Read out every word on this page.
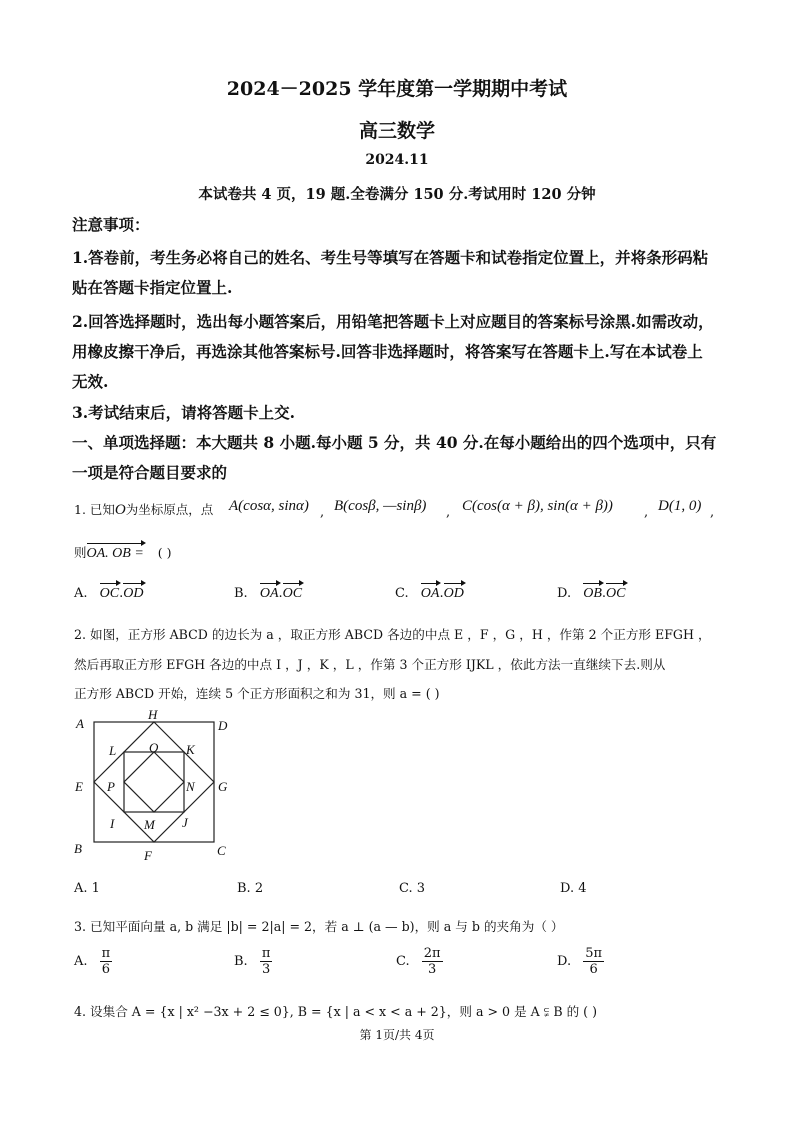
2024－2025 学年度第一学期期中考试
高三数学
2024.11
本试卷共 4 页，19 题.全卷满分 150 分.考试用时 120 分钟
注意事项：
1.答卷前，考生务必将自己的姓名、考生号等填写在答题卡和试卷指定位置上，并将条形码粘
贴在答题卡指定位置上.
2.回答选择题时，选出每小题答案后，用铅笔把答题卡上对应题目的答案标号涂黑.如需改动，
用橡皮擦干净后，再选涂其他答案标号.回答非选择题时，将答案写在答题卡上.写在本试卷上
无效.
3.考试结束后，请将答题卡上交.
一、单项选择题：本大题共 8 小题.每小题 5 分，共 40 分.在每小题给出的四个选项中，只有
一项是符合题目要求的
1. 已知O为坐标原点，点 A(cosα, sinα) , B(cosβ, —sinβ) , C(cos(α + β), sin(α + β)) , D(1, 0) ,
则OA. OB = ( )
A. OC.OD	B. OA.OC	C. OA.OD	D. OB.OC
2. 如图，正方形 ABCD 的边长为 a ，取正方形 ABCD 各边的中点 E ，F ，G ，H ，作第 2 个正方形 EFGH ，
然后再取正方形 EFGH 各边的中点 I ，J ，K ，L ，作第 3 个正方形 IJKL ，依此方法一直继续下去.则从
正方形 ABCD 开始，连续 5 个正方形面积之和为 31，则 a = ( )
A
H
D
L	O K
E P	N G
I M J
B	F	C
A. 1	B. 2	C. 3	D. 4
3. 已知平面向量 a, b 满足 |b| = 2|a| = 2，若 a ⊥ (a — b)，则 a 与 b 的夹角为（ ）
A. $\frac{\pi}{6}$	B. $\frac{\pi}{3}$	C. $\frac{2\pi}{3}$	D. $\frac{5\pi}{6}$
4. 设集合 A = {x | x² −3x + 2 ≤ 0}, B = {x | a < x < a + 2}，则 a > 0 是 A ⫋ B 的 ( )
第 1页/共 4页
